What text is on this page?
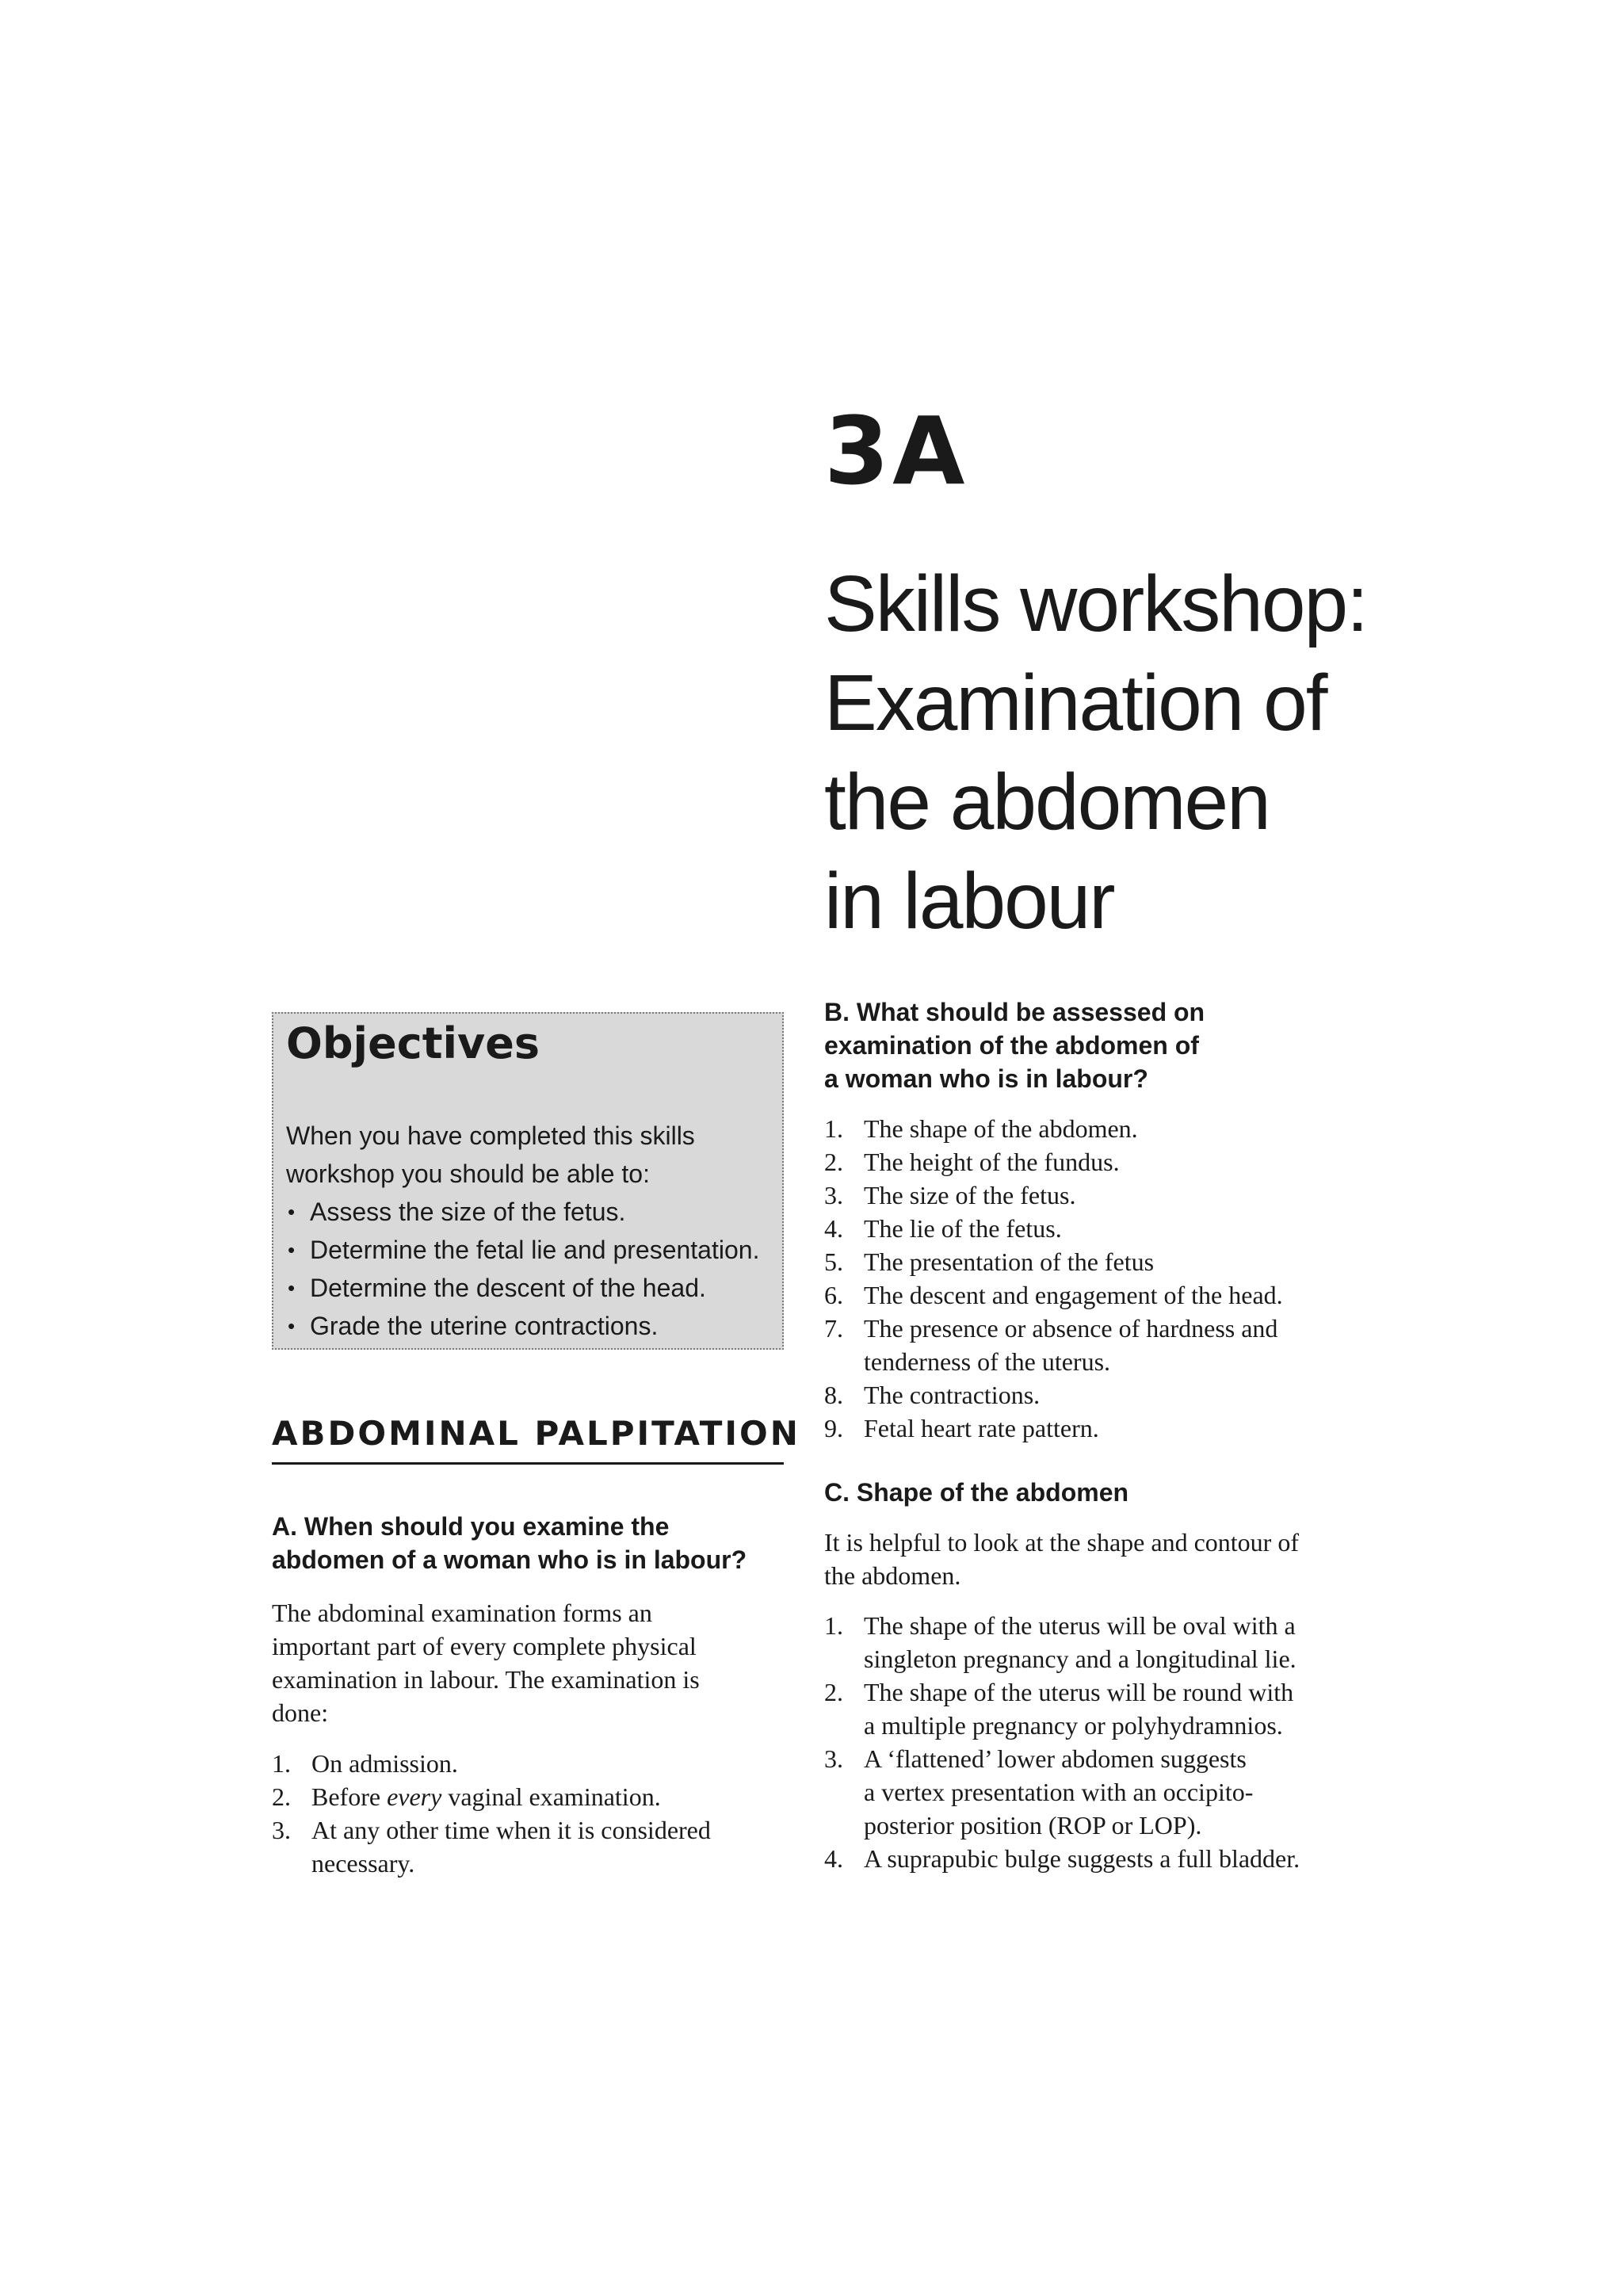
3A
Skills workshop:
Examination of
the abdomen
in labour
Objectives

When you have completed this skills
workshop you should be able to:

• Assess the size of the fetus.
• Determine the fetal lie and presentation.
• Determine the descent of the head.
• Grade the uterine contractions.
ABDOMINAL PALPITATION
A. When should you examine the
abdomen of a woman who is in labour?

The abdominal examination forms an
important part of every complete physical
examination in labour. The examination is
done:

1. On admission.
2. Before every vaginal examination.
3. At any other time when it is considered
necessary.
B. What should be assessed on
examination of the abdomen of
a woman who is in labour?
1. The shape of the abdomen.
2. The height of the fundus.
3. The size of the fetus.
4. The lie of the fetus.
5. The presentation of the fetus
6. The descent and engagement of the head.
7. The presence or absence of hardness and
tenderness of the uterus.
8. The contractions.
9. Fetal heart rate pattern.
C. Shape of the abdomen

It is helpful to look at the shape and contour of
the abdomen.

1. The shape of the uterus will be oval with a
singleton pregnancy and a longitudinal lie.
2. The shape of the uterus will be round with
a multiple pregnancy or polyhydramnios.
3. A ‘flattened’ lower abdomen suggests
a vertex presentation with an occipito-
posterior position (ROP or LOP).
4. A suprapubic bulge suggests a full bladder.
